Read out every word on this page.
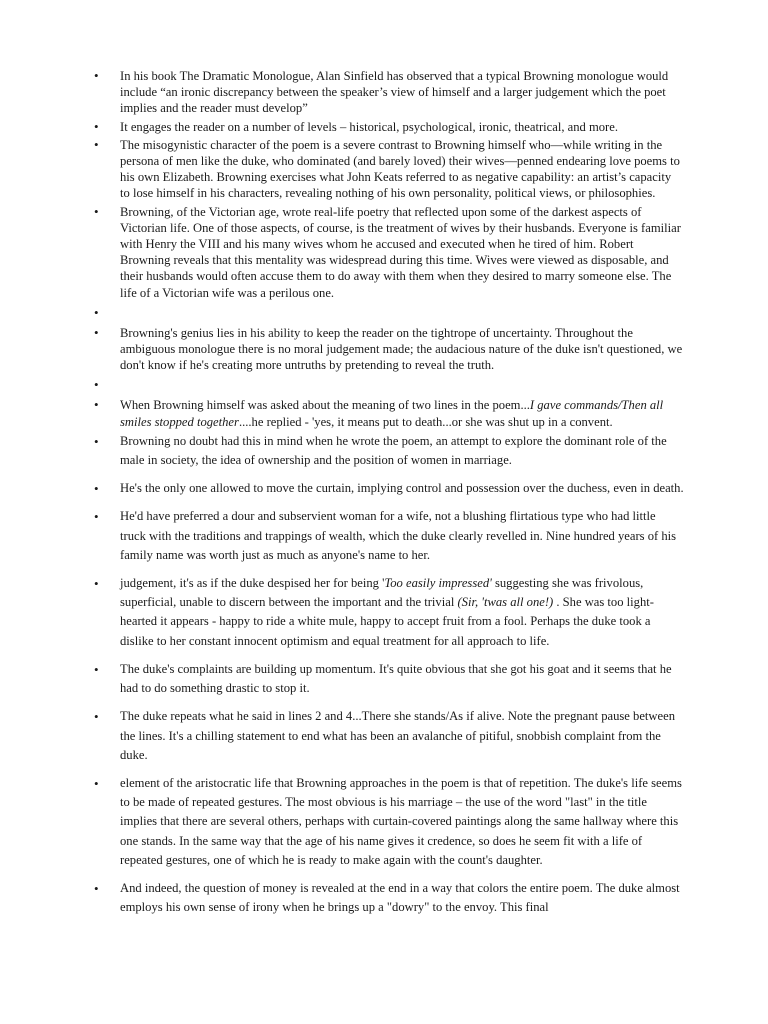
• In his book The Dramatic Monologue, Alan Sinfield has observed that a typical Browning monologue would include “an ironic discrepancy between the speaker’s view of himself and a larger judgement which the poet implies and the reader must develop”
• It engages the reader on a number of levels – historical, psychological, ironic, theatrical, and more.
• The misogynistic character of the poem is a severe contrast to Browning himself who—while writing in the persona of men like the duke, who dominated (and barely loved) their wives—penned endearing love poems to his own Elizabeth. Browning exercises what John Keats referred to as negative capability: an artist’s capacity to lose himself in his characters, revealing nothing of his own personality, political views, or philosophies.
• Browning, of the Victorian age, wrote real-life poetry that reflected upon some of the darkest aspects of Victorian life. One of those aspects, of course, is the treatment of wives by their husbands. Everyone is familiar with Henry the VIII and his many wives whom he accused and executed when he tired of him. Robert Browning reveals that this mentality was widespread during this time. Wives were viewed as disposable, and their husbands would often accuse them to do away with them when they desired to marry someone else. The life of a Victorian wife was a perilous one.
•
• Browning's genius lies in his ability to keep the reader on the tightrope of uncertainty. Throughout the ambiguous monologue there is no moral judgement made; the audacious nature of the duke isn't questioned, we don't know if he's creating more untruths by pretending to reveal the truth.
•
• When Browning himself was asked about the meaning of two lines in the poem...I gave commands/Then all smiles stopped together....he replied - 'yes, it means put to death...or she was shut up in a convent.
• Browning no doubt had this in mind when he wrote the poem, an attempt to explore the dominant role of the male in society, the idea of ownership and the position of women in marriage.
• He's the only one allowed to move the curtain, implying control and possession over the duchess, even in death.
• He'd have preferred a dour and subservient woman for a wife, not a blushing flirtatious type who had little truck with the traditions and trappings of wealth, which the duke clearly revelled in. Nine hundred years of his family name was worth just as much as anyone's name to her.
• judgement, it's as if the duke despised her for being 'Too easily impressed' suggesting she was frivolous, superficial, unable to discern between the important and the trivial (Sir, 'twas all one!) . She was too light-hearted it appears - happy to ride a white mule, happy to accept fruit from a fool. Perhaps the duke took a dislike to her constant innocent optimism and equal treatment for all approach to life.
• The duke's complaints are building up momentum. It's quite obvious that she got his goat and it seems that he had to do something drastic to stop it.
• The duke repeats what he said in lines 2 and 4...There she stands/As if alive. Note the pregnant pause between the lines. It's a chilling statement to end what has been an avalanche of pitiful, snobbish complaint from the duke.
• element of the aristocratic life that Browning approaches in the poem is that of repetition. The duke's life seems to be made of repeated gestures. The most obvious is his marriage – the use of the word "last" in the title implies that there are several others, perhaps with curtain-covered paintings along the same hallway where this one stands. In the same way that the age of his name gives it credence, so does he seem fit with a life of repeated gestures, one of which he is ready to make again with the count's daughter.
• And indeed, the question of money is revealed at the end in a way that colors the entire poem. The duke almost employs his own sense of irony when he brings up a "dowry" to the envoy. This final
